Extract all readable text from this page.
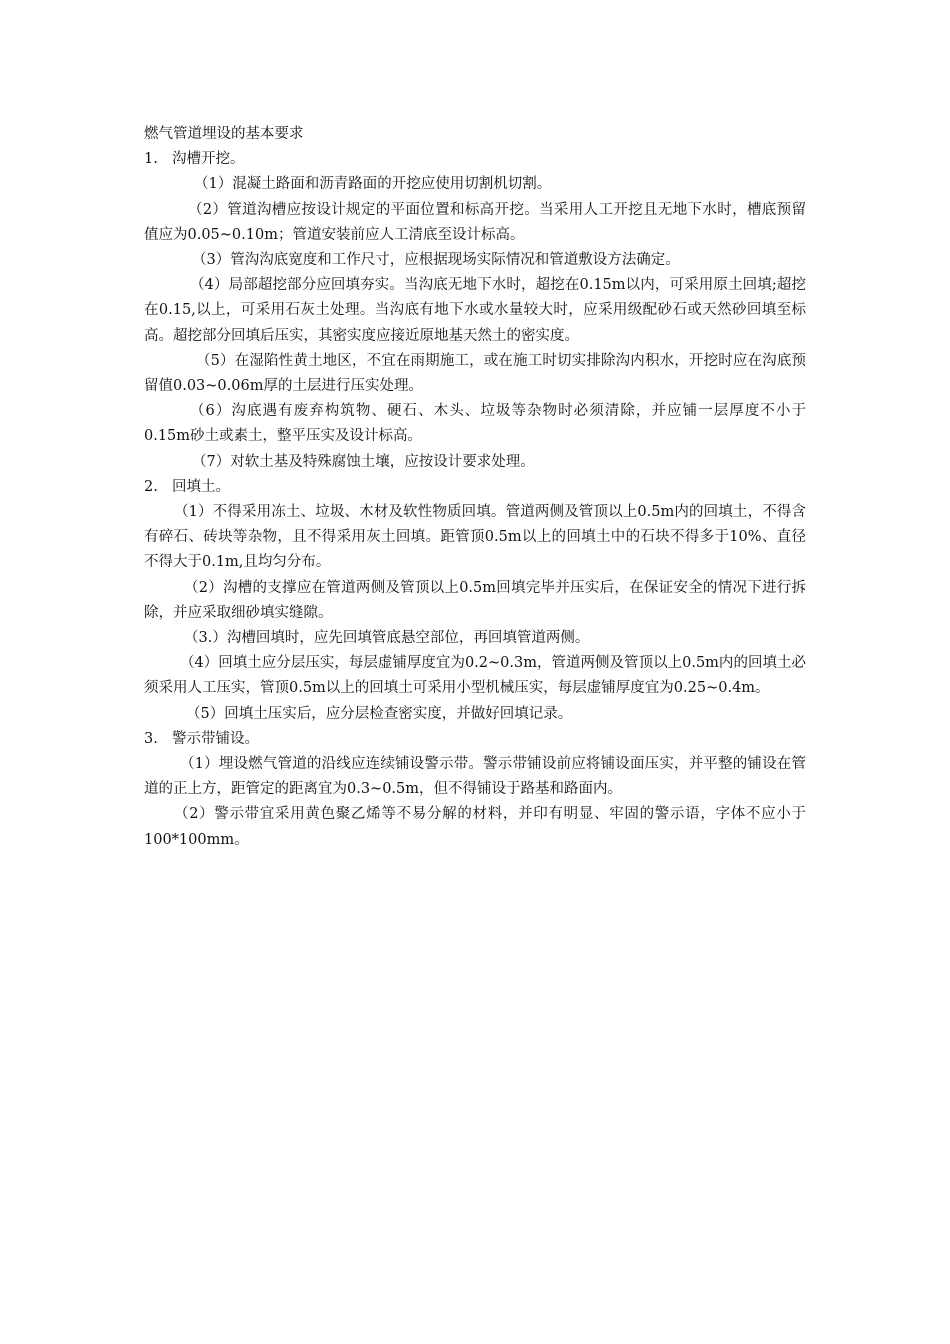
燃气管道埋设的基本要求

1. 沟槽开挖。

（1）混凝土路面和沥青路面的开挖应使用切割机切割。

（2）管道沟槽应按设计规定的平面位置和标高开挖。当采用人工开挖且无地下水时，槽底预留值应为0.05~0.10m；管道安装前应人工清底至设计标高。

（3）管沟沟底宽度和工作尺寸，应根据现场实际情况和管道敷设方法确定。

（4）局部超挖部分应回填夯实。当沟底无地下水时，超挖在0.15m以内，可采用原土回填;超挖在0.15,以上，可采用石灰土处理。当沟底有地下水或水量较大时，应采用级配砂石或天然砂回填至标高。超挖部分回填后压实，其密实度应接近原地基天然土的密实度。

（5）在湿陷性黄土地区，不宜在雨期施工，或在施工时切实排除沟内积水，开挖时应在沟底预留值0.03~0.06m厚的土层进行压实处理。

（6）沟底遇有废弃构筑物、硬石、木头、垃圾等杂物时必须清除，并应铺一层厚度不小于0.15m砂土或素土，整平压实及设计标高。

（7）对软土基及特殊腐蚀土壤，应按设计要求处理。

2. 回填土。

（1）不得采用冻土、垃圾、木材及软性物质回填。管道两侧及管顶以上0.5m内的回填土，不得含有碎石、砖块等杂物，且不得采用灰土回填。距管顶0.5m以上的回填土中的石块不得多于10%、直径不得大于0.1m,且均匀分布。

（2）沟槽的支撑应在管道两侧及管顶以上0.5m回填完毕并压实后，在保证安全的情况下进行拆除，并应采取细砂填实缝隙。

（3.）沟槽回填时，应先回填管底悬空部位，再回填管道两侧。

（4）回填土应分层压实，每层虚铺厚度宜为0.2~0.3m，管道两侧及管顶以上0.5m内的回填土必须采用人工压实，管顶0.5m以上的回填土可采用小型机械压实，每层虚铺厚度宜为0.25~0.4m。

（5）回填土压实后，应分层检查密实度，并做好回填记录。

3. 警示带铺设。

（1）埋设燃气管道的沿线应连续铺设警示带。警示带铺设前应将铺设面压实，并平整的铺设在管道的正上方，距管定的距离宜为0.3~0.5m，但不得铺设于路基和路面内。

（2）警示带宜采用黄色聚乙烯等不易分解的材料，并印有明显、牢固的警示语，字体不应小于100*100mm。
